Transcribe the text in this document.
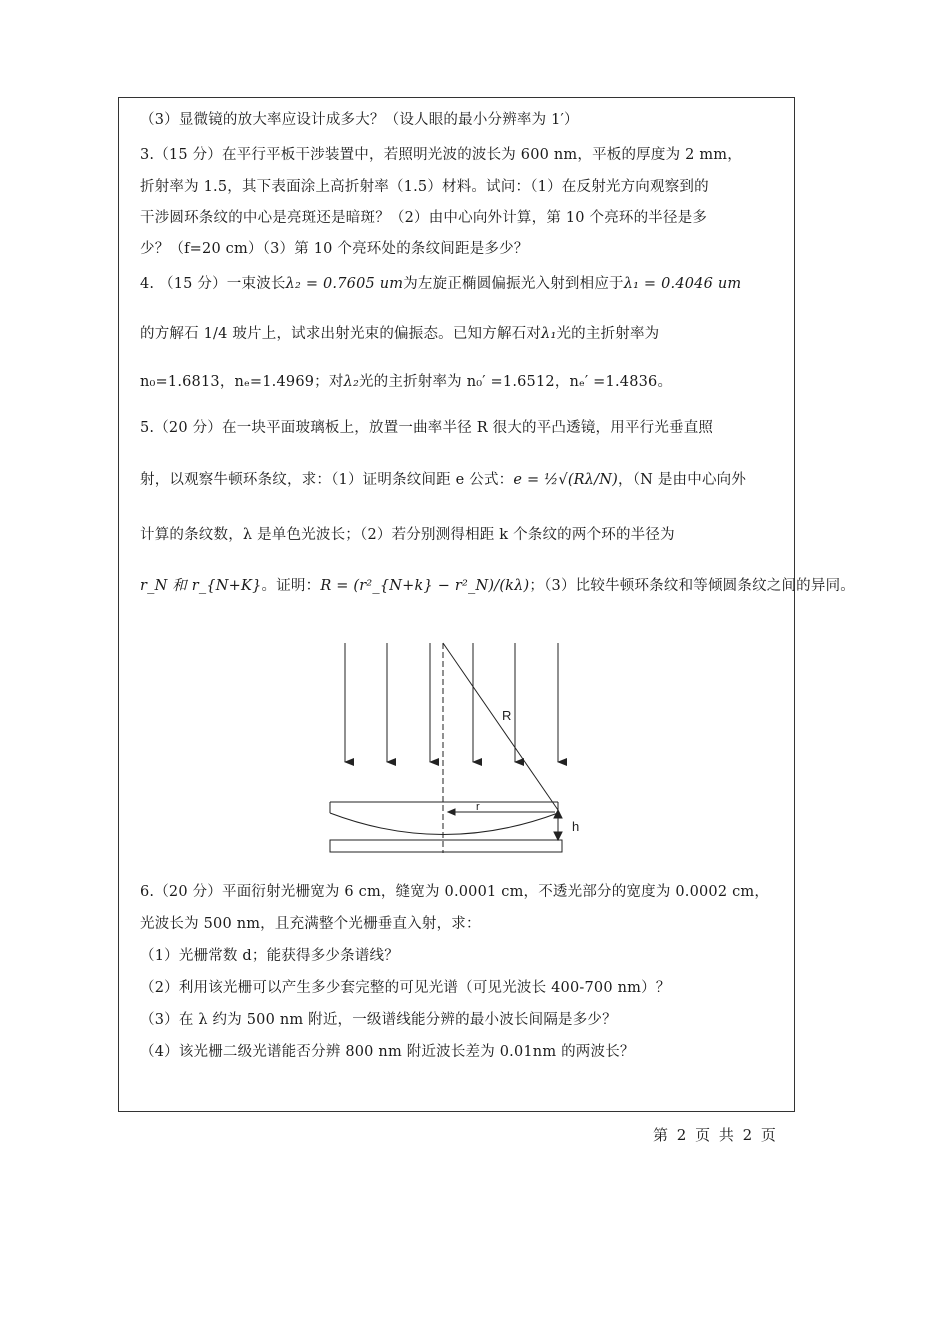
（3）显微镜的放大率应设计成多大？（设人眼的最小分辨率为 1′）
3.（15 分）在平行平板干涉装置中，若照明光波的波长为 600 nm，平板的厚度为 2 mm，
折射率为 1.5，其下表面涂上高折射率（1.5）材料。试问：（1）在反射光方向观察到的
干涉圆环条纹的中心是亮斑还是暗斑？（2）由中心向外计算，第 10 个亮环的半径是多
少？（f=20 cm）（3）第 10 个亮环处的条纹间距是多少？
4. （15 分）一束波长λ₂ = 0.7605 um为左旋正椭圆偏振光入射到相应于λ₁ = 0.4046 um
的方解石 1/4 玻片上，试求出射光束的偏振态。已知方解石对λ₁光的主折射率为
n₀=1.6813，nₑ=1.4969；对λ₂光的主折射率为 n₀′ =1.6512，nₑ′ =1.4836。
5.（20 分）在一块平面玻璃板上，放置一曲率半径 R 很大的平凸透镜，用平行光垂直照
射，以观察牛顿环条纹，求：（1）证明条纹间距 e 公式：e = ½√(Rλ/N)，（N 是由中心向外
计算的条纹数，λ 是单色光波长；（2）若分别测得相距 k 个条纹的两个环的半径为
r_N 和 r_{N+K}。证明：R = (r²_{N+k} − r²_N)/(kλ)；（3）比较牛顿环条纹和等倾圆条纹之间的异同。
R
r
h
6.（20 分）平面衍射光栅宽为 6 cm，缝宽为 0.0001 cm，不透光部分的宽度为 0.0002 cm，
光波长为 500 nm，且充满整个光栅垂直入射，求：
（1）光栅常数 d；能获得多少条谱线？
（2）利用该光栅可以产生多少套完整的可见光谱（可见光波长 400-700 nm）？
（3）在 λ 约为 500 nm 附近，一级谱线能分辨的最小波长间隔是多少？
（4）该光栅二级光谱能否分辨 800 nm 附近波长差为 0.01nm 的两波长？
第 2 页 共 2 页
